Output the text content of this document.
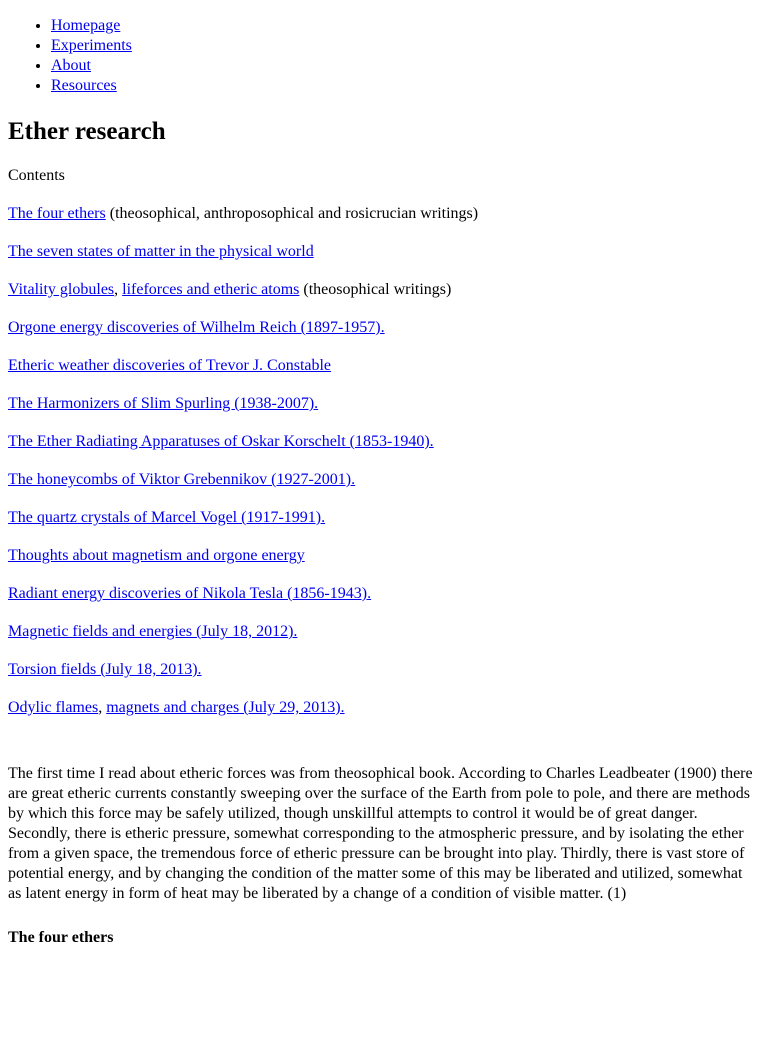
• Homepage
• Experiments
• About
• Resources
Ether research
Contents

The four ethers (theosophical, anthroposophical and rosicrucian writings)

The seven states of matter in the physical world

Vitality globules, lifeforces and etheric atoms (theosophical writings)

Orgone energy discoveries of Wilhelm Reich (1897-1957).

Etheric weather discoveries of Trevor J. Constable

The Harmonizers of Slim Spurling (1938-2007).

The Ether Radiating Apparatuses of Oskar Korschelt (1853-1940).

The honeycombs of Viktor Grebennikov (1927-2001).

The quartz crystals of Marcel Vogel (1917-1991).

Thoughts about magnetism and orgone energy

Radiant energy discoveries of Nikola Tesla (1856-1943).

Magnetic fields and energies (July 18, 2012).

Torsion fields (July 18, 2013).

Odylic flames, magnets and charges (July 29, 2013).

The first time I read about etheric forces was from theosophical book. According to Charles Leadbeater (1900) there are great etheric currents constantly sweeping over the surface of the Earth from pole to pole, and there are methods by which this force may be safely utilized, though unskillful attempts to control it would be of great danger. Secondly, there is etheric pressure, somewhat corresponding to the atmospheric pressure, and by isolating the ether from a given space, the tremendous force of etheric pressure can be brought into play. Thirdly, there is vast store of potential energy, and by changing the condition of the matter some of this may be liberated and utilized, somewhat as latent energy in form of heat may be liberated by a change of a condition of visible matter. (1)

The four ethers
